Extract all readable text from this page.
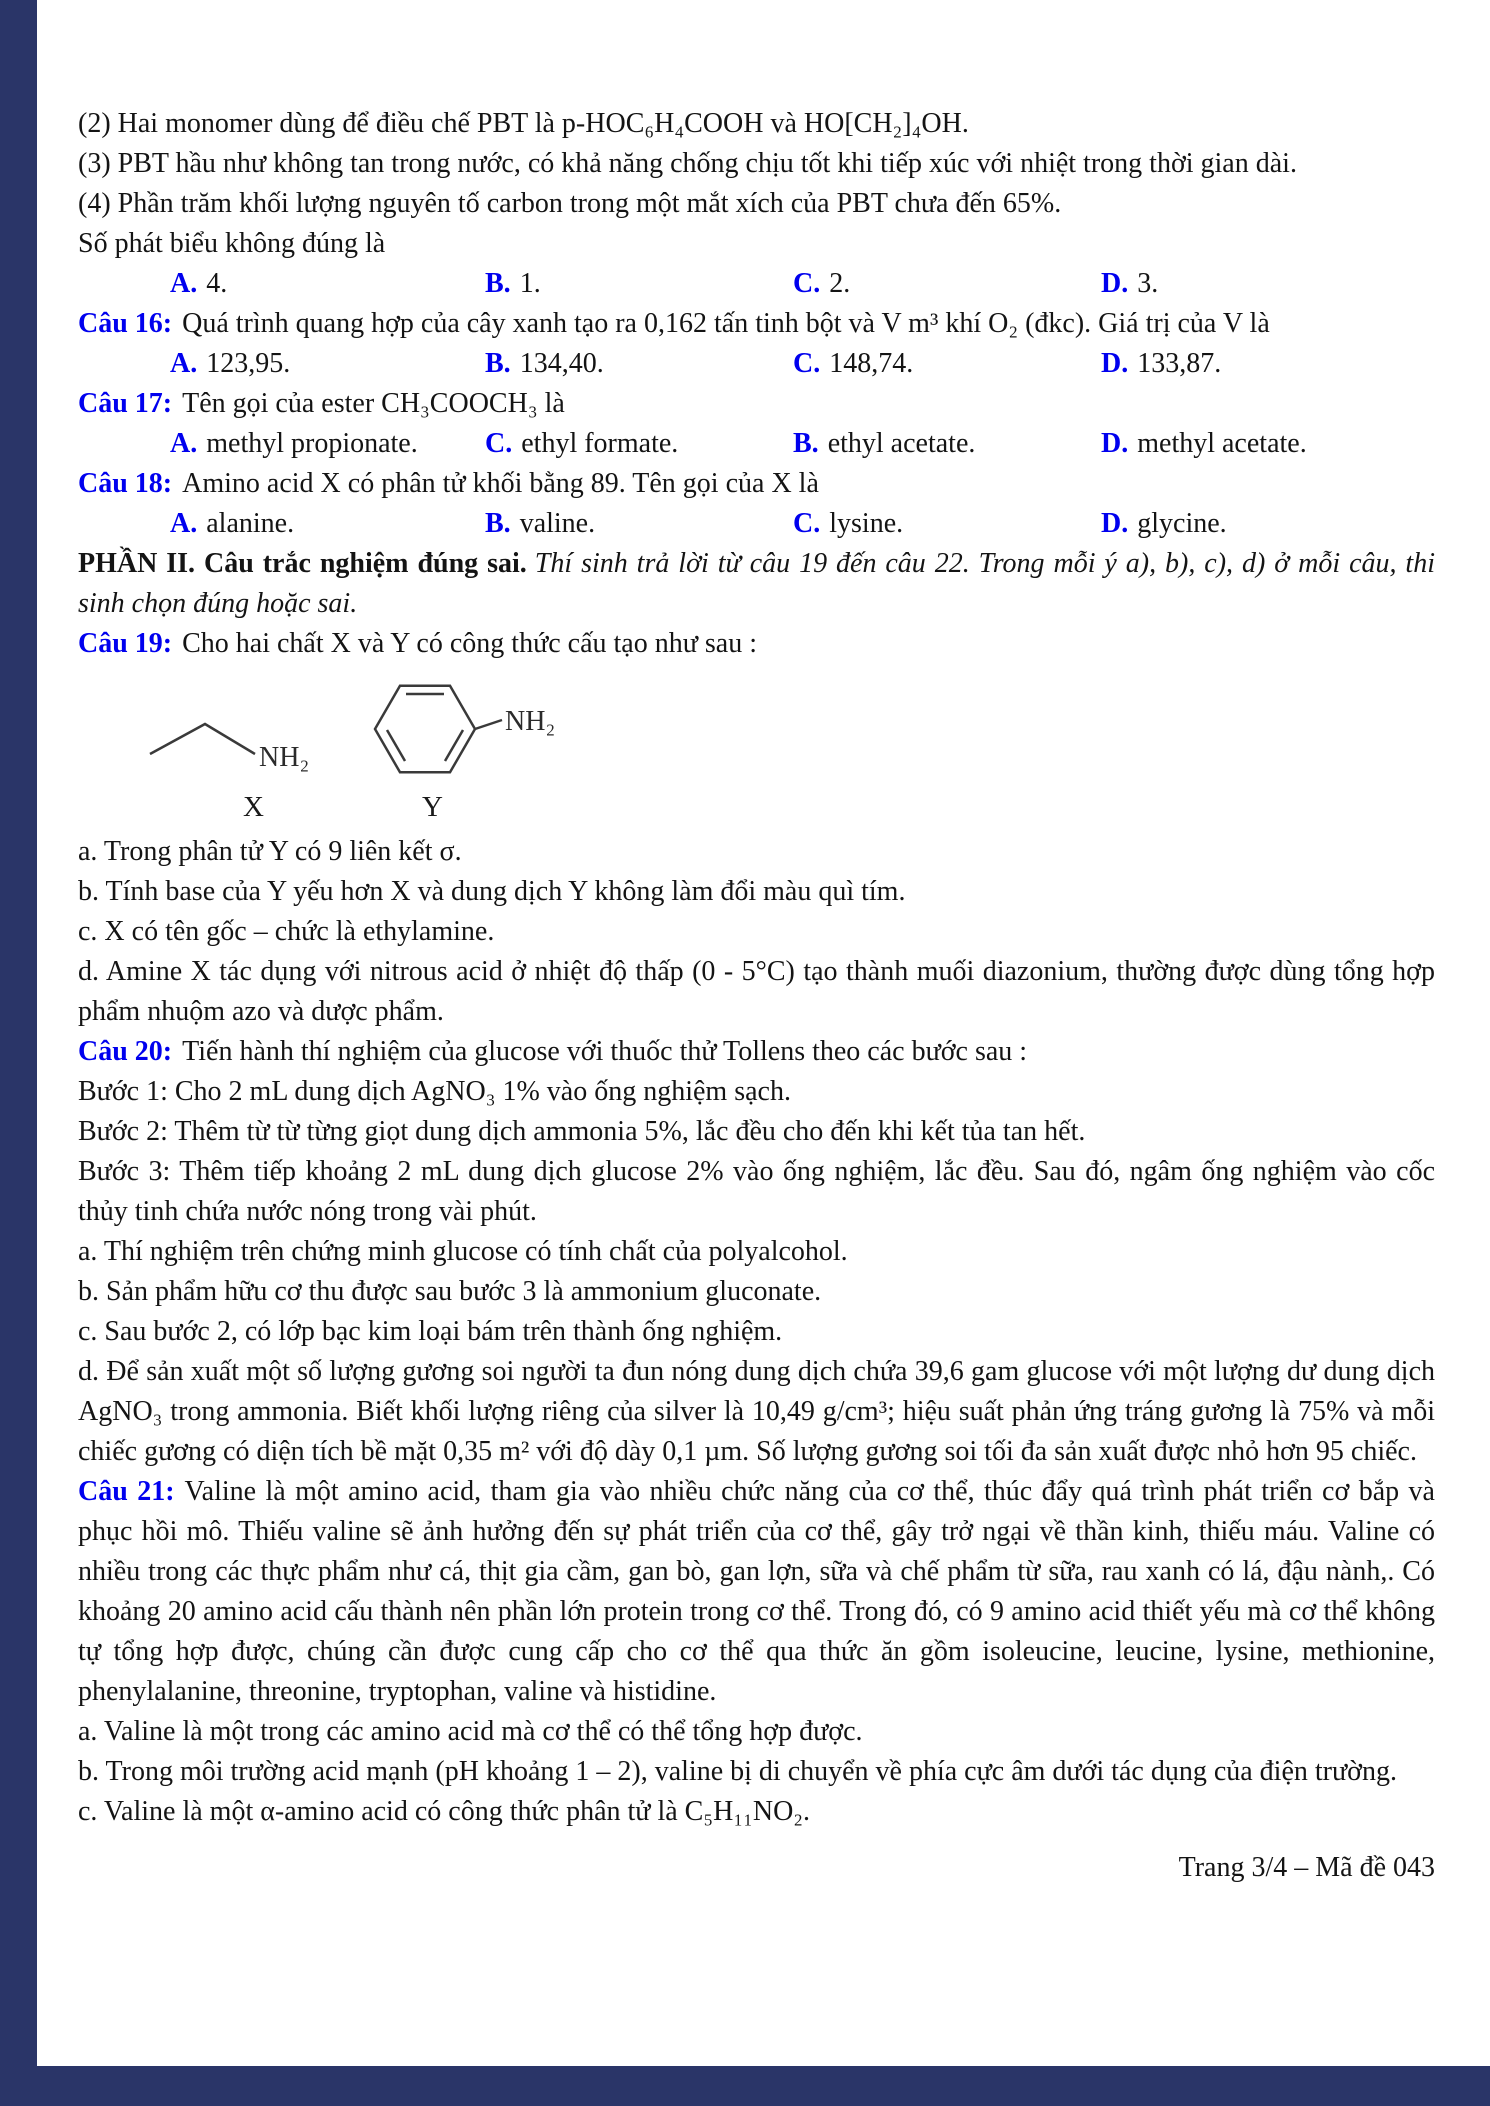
(2) Hai monomer dùng để điều chế PBT là p-HOC₆H₄COOH và HO[CH₂]₄OH.

(3) PBT hầu như không tan trong nước, có khả năng chống chịu tốt khi tiếp xúc với nhiệt trong thời gian dài.

(4) Phần trăm khối lượng nguyên tố carbon trong một mắt xích của PBT chưa đến 65%.

Số phát biểu không đúng là

A. 4.	B. 1.	C. 2.	D. 3.

Câu 16: Quá trình quang hợp của cây xanh tạo ra 0,162 tấn tinh bột và V m³ khí O₂ (đkc). Giá trị của V là

A. 123,95.	B. 134,40.	C. 148,74.	D. 133,87.

Câu 17: Tên gọi của ester CH₃COOCH₃ là

A. methyl propionate.	C. ethyl formate.	B. ethyl acetate.	D. methyl acetate.

Câu 18: Amino acid X có phân tử khối bằng 89. Tên gọi của X là

A. alanine.	B. valine.	C. lysine.	D. glycine.

PHẦN II. Câu trắc nghiệm đúng sai. Thí sinh trả lời từ câu 19 đến câu 22. Trong mỗi ý a), b), c), d) ở mỗi câu, thi sinh chọn đúng hoặc sai.

Câu 19: Cho hai chất X và Y có công thức cấu tạo như sau :

NH₂
X
NH₂
Y

a. Trong phân tử Y có 9 liên kết σ.

b. Tính base của Y yếu hơn X và dung dịch Y không làm đổi màu quì tím.

c. X có tên gốc – chức là ethylamine.

d. Amine X tác dụng với nitrous acid ở nhiệt độ thấp (0 - 5°C) tạo thành muối diazonium, thường được dùng tổng hợp phẩm nhuộm azo và dược phẩm.

Câu 20: Tiến hành thí nghiệm của glucose với thuốc thử Tollens theo các bước sau :

Bước 1: Cho 2 mL dung dịch AgNO₃ 1% vào ống nghiệm sạch.

Bước 2: Thêm từ từ từng giọt dung dịch ammonia 5%, lắc đều cho đến khi kết tủa tan hết.

Bước 3: Thêm tiếp khoảng 2 mL dung dịch glucose 2% vào ống nghiệm, lắc đều. Sau đó, ngâm ống nghiệm vào cốc thủy tinh chứa nước nóng trong vài phút.

a. Thí nghiệm trên chứng minh glucose có tính chất của polyalcohol.

b. Sản phẩm hữu cơ thu được sau bước 3 là ammonium gluconate.

c. Sau bước 2, có lớp bạc kim loại bám trên thành ống nghiệm.

d. Để sản xuất một số lượng gương soi người ta đun nóng dung dịch chứa 39,6 gam glucose với một lượng dư dung dịch AgNO₃ trong ammonia. Biết khối lượng riêng của silver là 10,49 g/cm³; hiệu suất phản ứng tráng gương là 75% và mỗi chiếc gương có diện tích bề mặt 0,35 m² với độ dày 0,1 µm. Số lượng gương soi tối đa sản xuất được nhỏ hơn 95 chiếc.

Câu 21: Valine là một amino acid, tham gia vào nhiều chức năng của cơ thể, thúc đẩy quá trình phát triển cơ bắp và phục hồi mô. Thiếu valine sẽ ảnh hưởng đến sự phát triển của cơ thể, gây trở ngại về thần kinh, thiếu máu. Valine có nhiều trong các thực phẩm như cá, thịt gia cầm, gan bò, gan lợn, sữa và chế phẩm từ sữa, rau xanh có lá, đậu nành,. Có khoảng 20 amino acid cấu thành nên phần lớn protein trong cơ thể. Trong đó, có 9 amino acid thiết yếu mà cơ thể không tự tổng hợp được, chúng cần được cung cấp cho cơ thể qua thức ăn gồm isoleucine, leucine, lysine, methionine, phenylalanine, threonine, tryptophan, valine và histidine.

a. Valine là một trong các amino acid mà cơ thể có thể tổng hợp được.

b. Trong môi trường acid mạnh (pH khoảng 1 – 2), valine bị di chuyển về phía cực âm dưới tác dụng của điện trường.

c. Valine là một α-amino acid có công thức phân tử là C₅H₁₁NO₂.

Trang 3/4 – Mã đề 043
